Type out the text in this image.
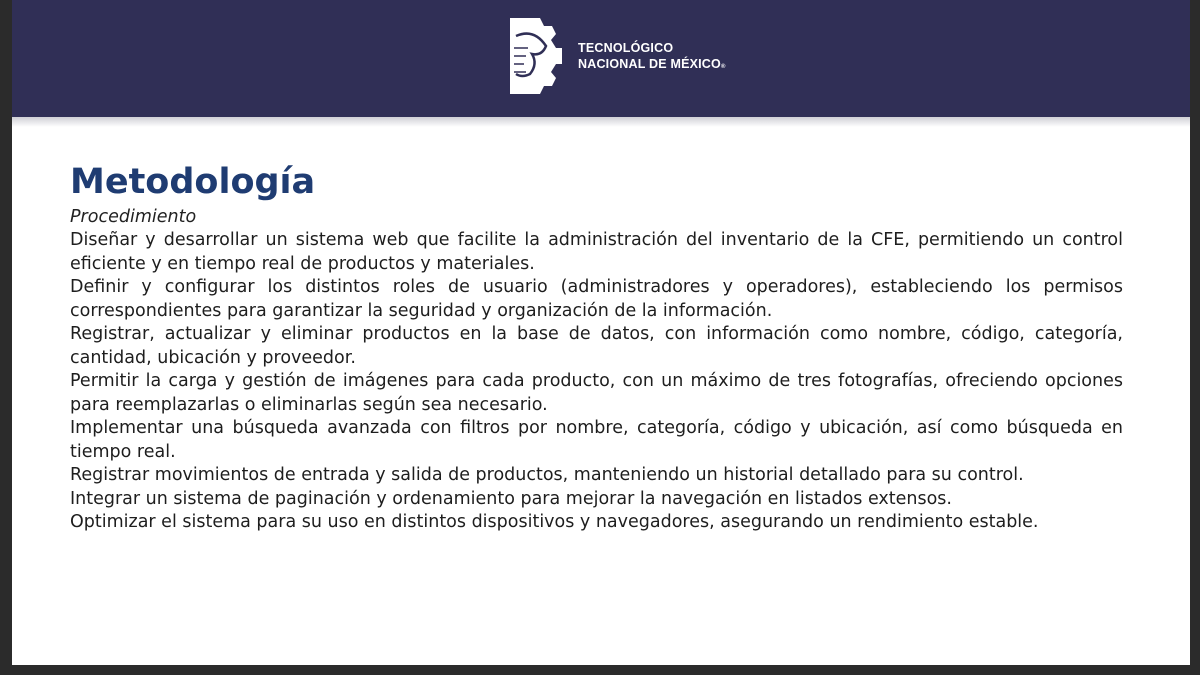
TECNOLÓGICO
NACIONAL DE MÉXICO®
Metodología
Procedimiento
Diseñar y desarrollar un sistema web que facilite la administración del inventario de la CFE, permitiendo un control eficiente y en tiempo real de productos y materiales.
Definir y configurar los distintos roles de usuario (administradores y operadores), estableciendo los permisos correspondientes para garantizar la seguridad y organización de la información.
Registrar, actualizar y eliminar productos en la base de datos, con información como nombre, código, categoría, cantidad, ubicación y proveedor.
Permitir la carga y gestión de imágenes para cada producto, con un máximo de tres fotografías, ofreciendo opciones para reemplazarlas o eliminarlas según sea necesario.
Implementar una búsqueda avanzada con filtros por nombre, categoría, código y ubicación, así como búsqueda en tiempo real.
Registrar movimientos de entrada y salida de productos, manteniendo un historial detallado para su control.
Integrar un sistema de paginación y ordenamiento para mejorar la navegación en listados extensos.
Optimizar el sistema para su uso en distintos dispositivos y navegadores, asegurando un rendimiento estable.
